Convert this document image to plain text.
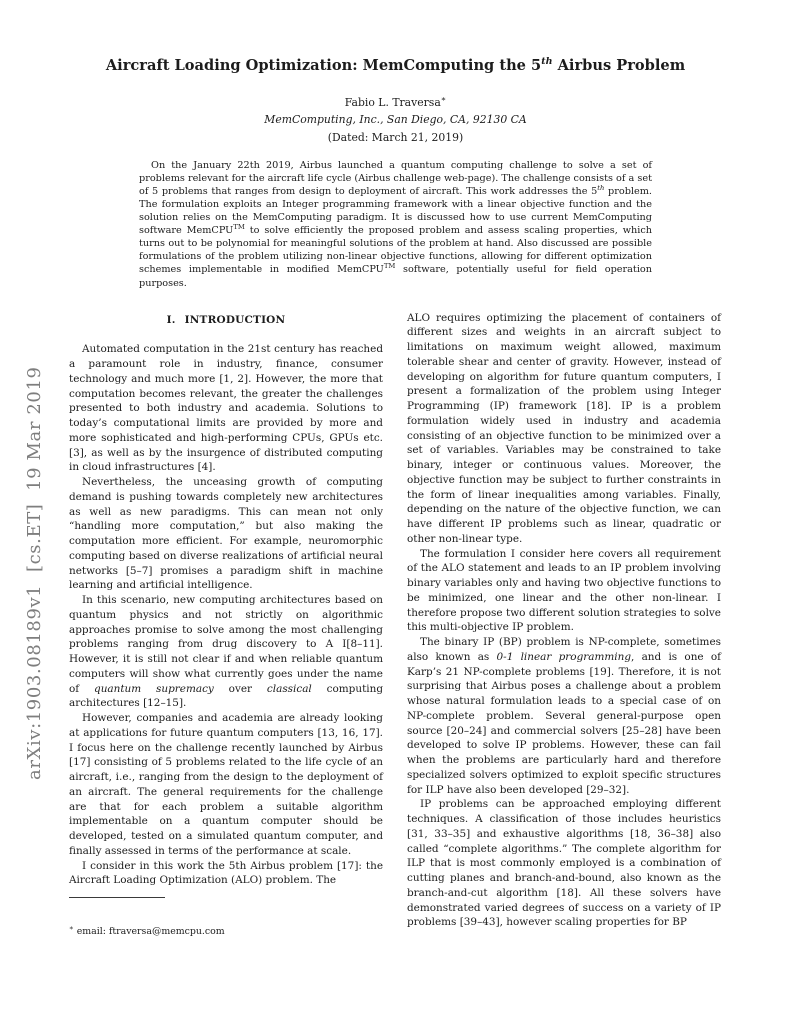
arXiv:1903.08189v1  [cs.ET]  19 Mar 2019
Aircraft Loading Optimization: MemComputing the 5th Airbus Problem
Fabio L. Traversa∗
MemComputing, Inc., San Diego, CA, 92130 CA
(Dated: March 21, 2019)
On the January 22th 2019, Airbus launched a quantum computing challenge to solve a set of problems relevant for the aircraft life cycle (Airbus challenge web-page). The challenge consists of a set of 5 problems that ranges from design to deployment of aircraft. This work addresses the 5th problem. The formulation exploits an Integer programming framework with a linear objective function and the solution relies on the MemComputing paradigm. It is discussed how to use current MemComputing software MemCPU™ to solve efficiently the proposed problem and assess scaling properties, which turns out to be polynomial for meaningful solutions of the problem at hand. Also discussed are possible formulations of the problem utilizing non-linear objective functions, allowing for different optimization schemes implementable in modified MemCPU™ software, potentially useful for field operation purposes.
I. INTRODUCTION

Automated computation in the 21st century has reached a paramount role in industry, finance, consumer technology and much more [1, 2]. However, the more that computation becomes relevant, the greater the challenges presented to both industry and academia. Solutions to today’s computational limits are provided by more and more sophisticated and high-performing CPUs, GPUs etc. [3], as well as by the insurgence of distributed computing in cloud infrastructures [4].

Nevertheless, the unceasing growth of computing demand is pushing towards completely new architectures as well as new paradigms. This can mean not only “handling more computation,” but also making the computation more efficient. For example, neuromorphic computing based on diverse realizations of artificial neural networks [5–7] promises a paradigm shift in machine learning and artificial intelligence.

In this scenario, new computing architectures based on quantum physics and not strictly on algorithmic approaches promise to solve among the most challenging problems ranging from drug discovery to A I[8–11]. However, it is still not clear if and when reliable quantum computers will show what currently goes under the name of quantum supremacy over classical computing architectures [12–15].

However, companies and academia are already looking at applications for future quantum computers [13, 16, 17]. I focus here on the challenge recently launched by Airbus [17] consisting of 5 problems related to the life cycle of an aircraft, i.e., ranging from the design to the deployment of an aircraft. The general requirements for the challenge are that for each problem a suitable algorithm implementable on a quantum computer should be developed, tested on a simulated quantum computer, and finally assessed in terms of the performance at scale.

I consider in this work the 5th Airbus problem [17]: the Aircraft Loading Optimization (ALO) problem. The

∗ email: ftraversa@memcpu.com

ALO requires optimizing the placement of containers of different sizes and weights in an aircraft subject to limitations on maximum weight allowed, maximum tolerable shear and center of gravity. However, instead of developing on algorithm for future quantum computers, I present a formalization of the problem using Integer Programming (IP) framework [18]. IP is a problem formulation widely used in industry and academia consisting of an objective function to be minimized over a set of variables. Variables may be constrained to take binary, integer or continuous values. Moreover, the objective function may be subject to further constraints in the form of linear inequalities among variables. Finally, depending on the nature of the objective function, we can have different IP problems such as linear, quadratic or other non-linear type.

The formulation I consider here covers all requirement of the ALO statement and leads to an IP problem involving binary variables only and having two objective functions to be minimized, one linear and the other non-linear. I therefore propose two different solution strategies to solve this multi-objective IP problem.

The binary IP (BP) problem is NP-complete, sometimes also known as 0-1 linear programming, and is one of Karp’s 21 NP-complete problems [19]. Therefore, it is not surprising that Airbus poses a challenge about a problem whose natural formulation leads to a special case of on NP-complete problem. Several general-purpose open source [20–24] and commercial solvers [25–28] have been developed to solve IP problems. However, these can fail when the problems are particularly hard and therefore specialized solvers optimized to exploit specific structures for ILP have also been developed [29–32].

IP problems can be approached employing different techniques. A classification of those includes heuristics [31, 33–35] and exhaustive algorithms [18, 36–38] also called “complete algorithms.” The complete algorithm for ILP that is most commonly employed is a combination of cutting planes and branch-and-bound, also known as the branch-and-cut algorithm [18]. All these solvers have demonstrated varied degrees of success on a variety of IP problems [39–43], however scaling properties for BP
